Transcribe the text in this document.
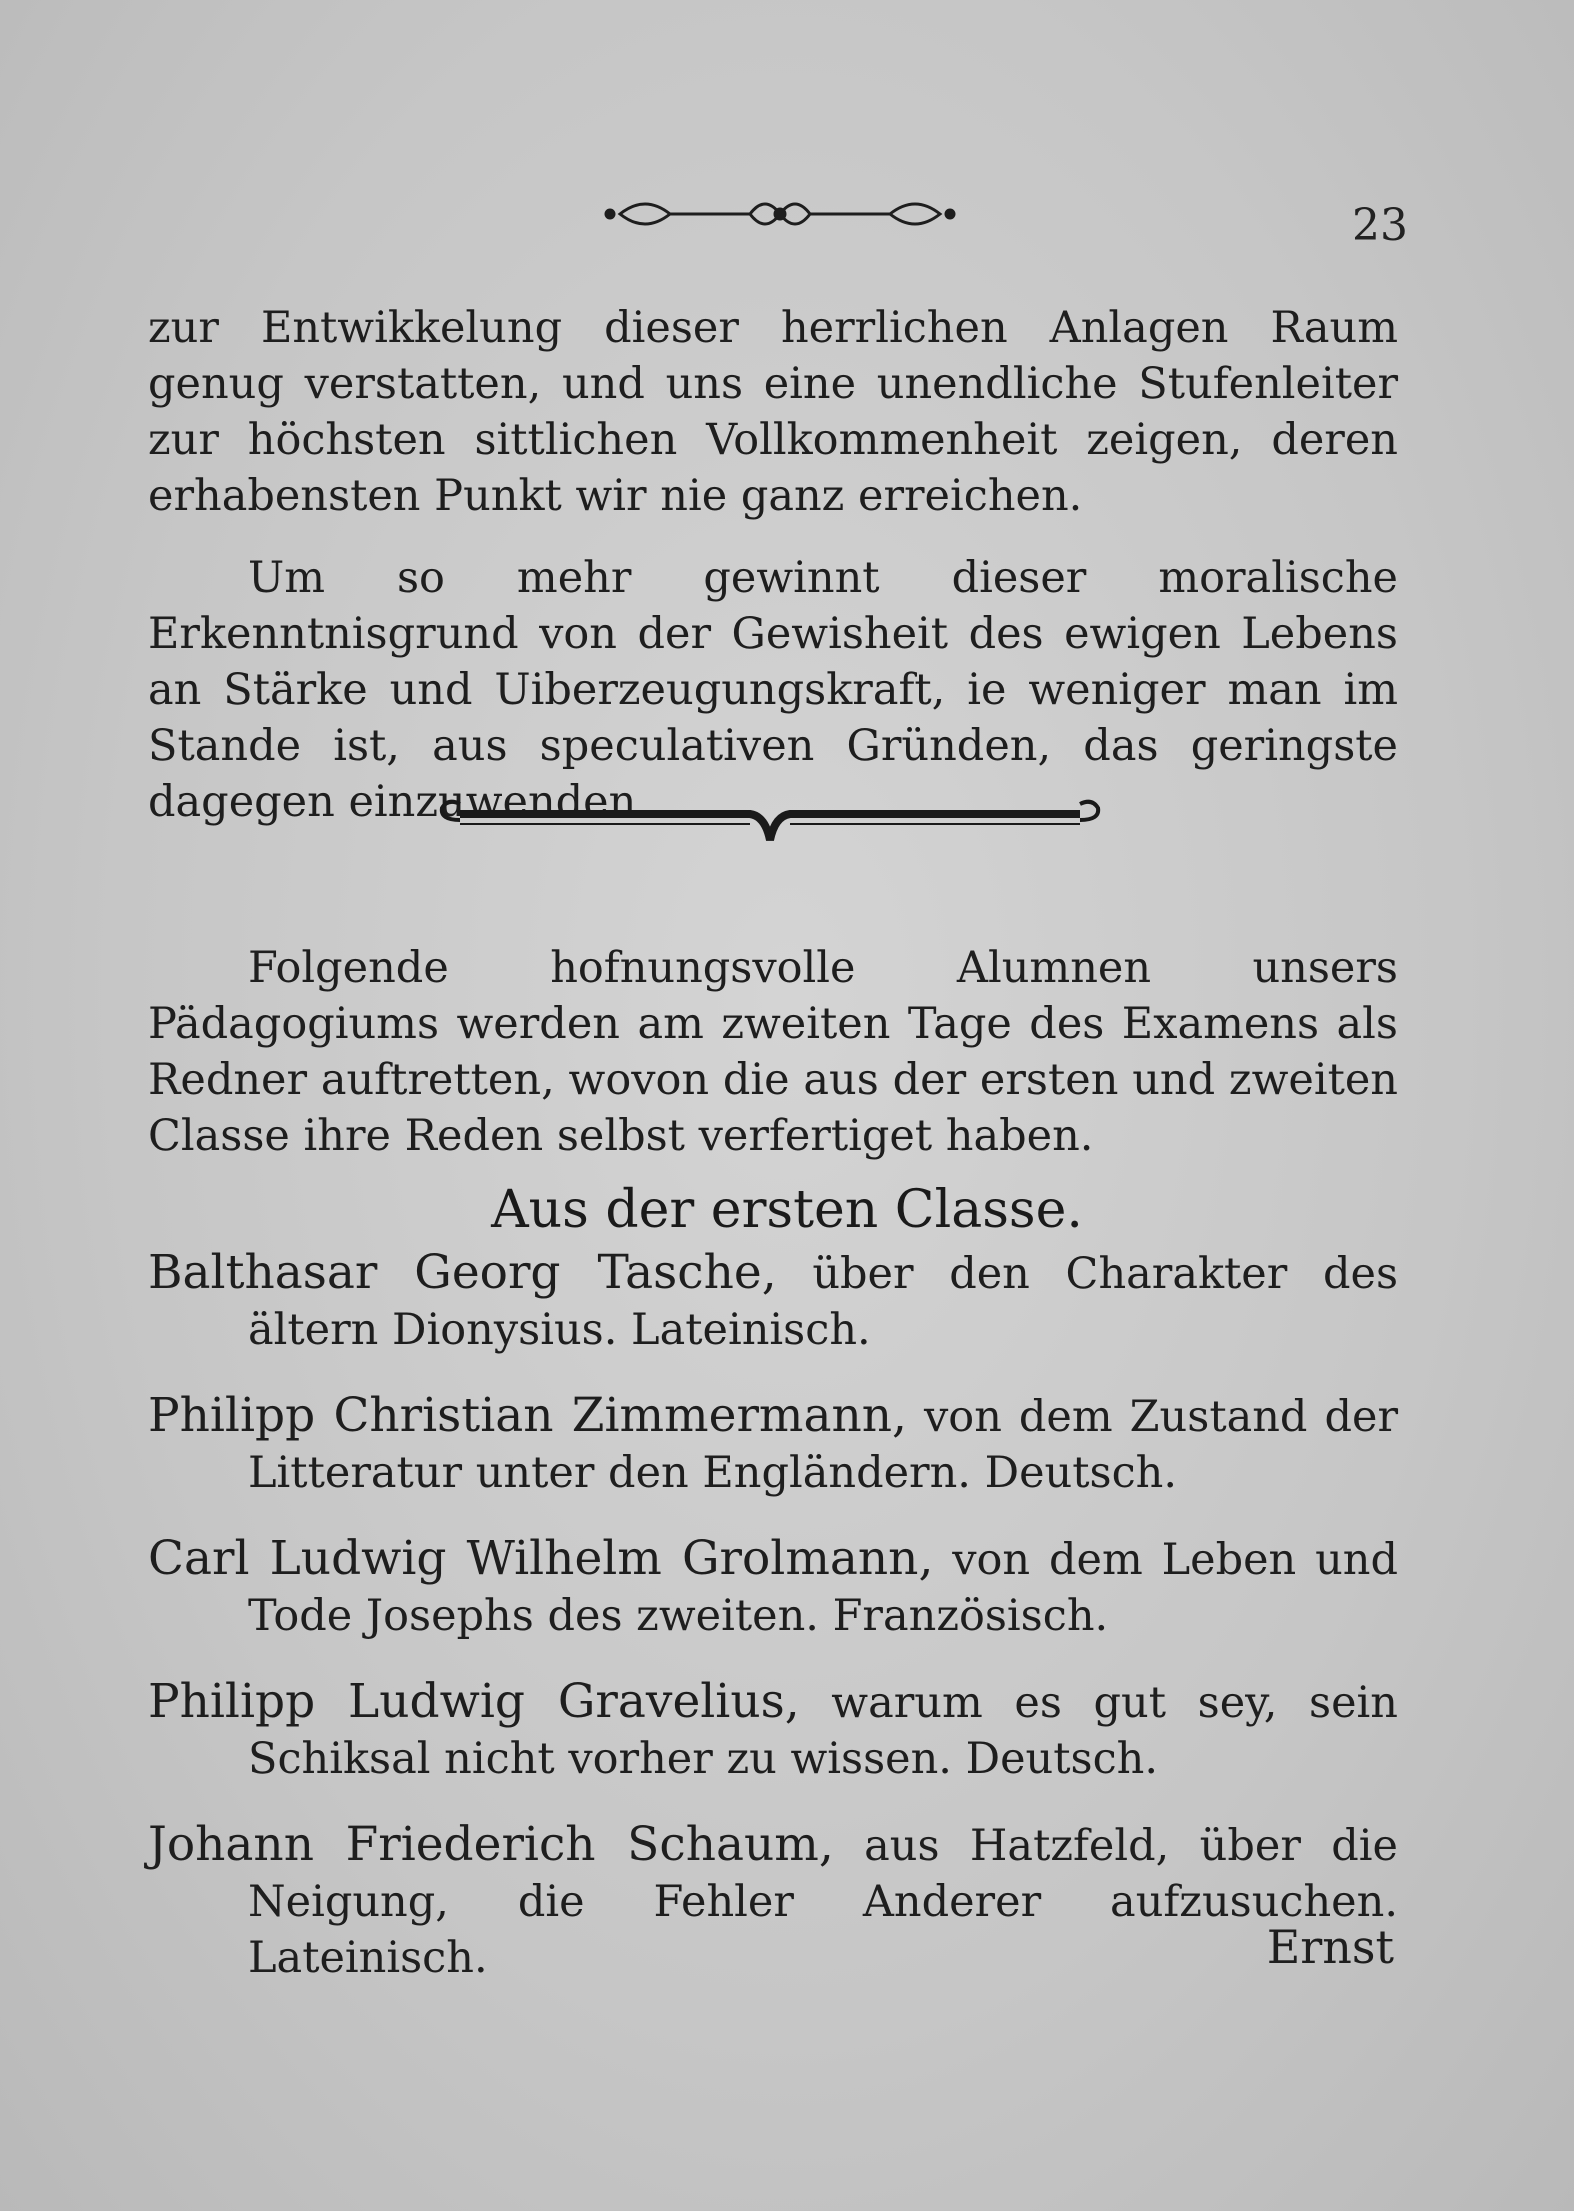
23

zur Entwikkelung dieser herrlichen Anlagen Raum genug verstatten, und uns eine unendliche Stufenleiter zur höchsten sittlichen Vollkommenheit zeigen, deren erhabensten Punkt wir nie ganz erreichen.

Um so mehr gewinnt dieser moralische Erkenntnisgrund von der Gewisheit des ewigen Lebens an Stärke und Uiberzeugungskraft, ie weniger man im Stande ist, aus speculativen Gründen, das geringste dagegen einzuwenden.

Folgende hofnungsvolle Alumnen unsers Pädagogiums werden am zweiten Tage des Examens als Redner auftretten, wovon die aus der ersten und zweiten Classe ihre Reden selbst verfertiget haben.

Aus der ersten Classe.

Balthasar Georg Tasche, über den Charakter des ältern Dionysius. Lateinisch.

Philipp Christian Zimmermann, von dem Zustand der Litteratur unter den Engländern. Deutsch.

Carl Ludwig Wilhelm Grolmann, von dem Leben und Tode Josephs des zweiten. Französisch.

Philipp Ludwig Gravelius, warum es gut sey, sein Schiksal nicht vorher zu wissen. Deutsch.

Johann Friederich Schaum, aus Hatzfeld, über die Neigung, die Fehler Anderer aufzusuchen. Lateinisch.	Ernst
